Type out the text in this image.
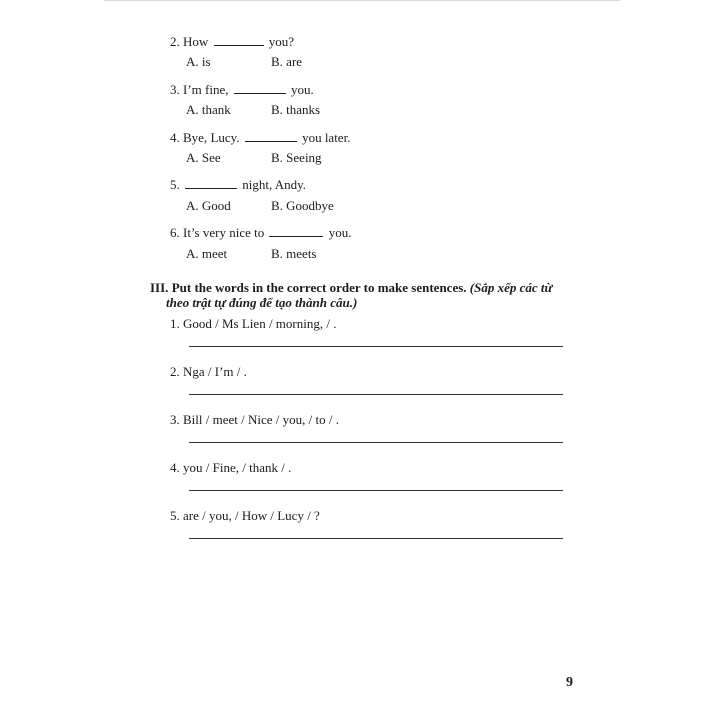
2. How	you?
A. is	B. are
3. I’m fine,	you.
A. thank	B. thanks
4. Bye, Lucy.	you later.
A. See	B. Seeing
5.	night, Andy.
A. Good	B. Goodbye
6. It’s very nice to	you.
A. meet	B. meets
III. Put the words in the correct order to make sentences. (Sắp xếp các từ
theo trật tự đúng để tạo thành câu.)
1. Good / Ms Lien / morning, / .
2. Nga / I’m / .
3. Bill / meet / Nice / you, / to / .
4. you / Fine, / thank / .
5. are / you, / How / Lucy / ?
9
